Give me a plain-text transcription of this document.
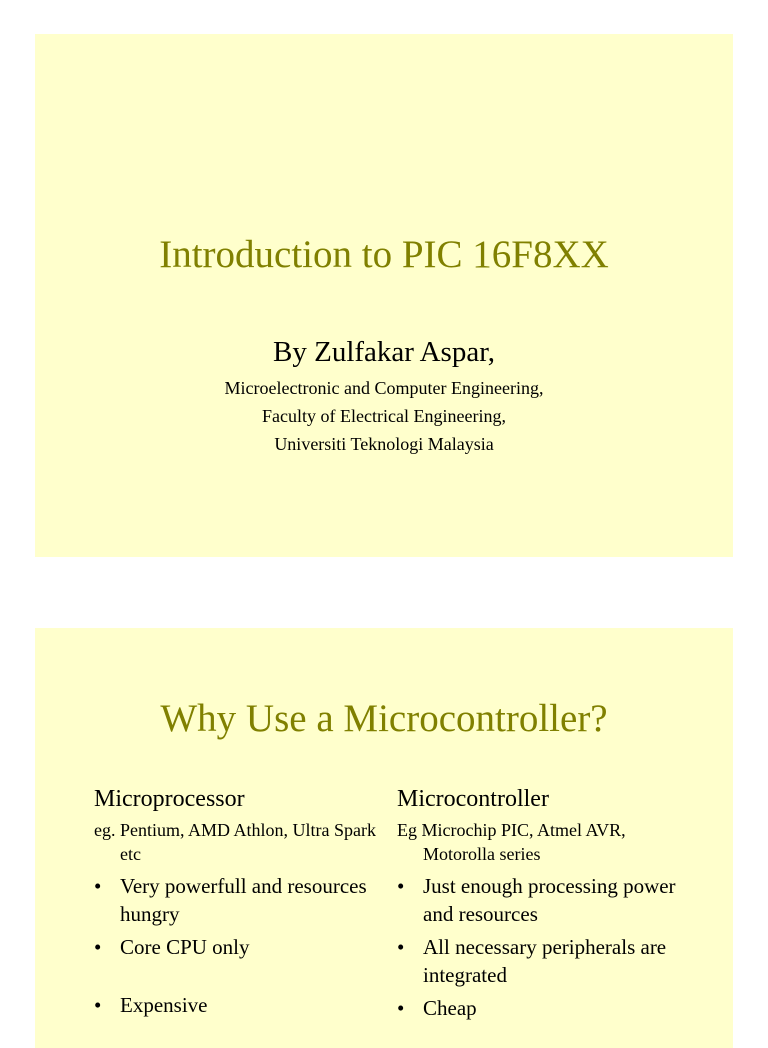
Introduction to PIC 16F8XX
By Zulfakar Aspar,
Microelectronic and Computer Engineering,
Faculty of Electrical Engineering,
Universiti Teknologi Malaysia
Why Use a Microcontroller?
Microprocessor
eg. Pentium, AMD Athlon, Ultra Spark etc
• Very powerfull and resources hungry
• Core CPU only
• Expensive
Microcontroller
Eg Microchip PIC, Atmel AVR, Motorolla series
• Just enough processing power and resources
• All necessary peripherals are integrated
• Cheap
